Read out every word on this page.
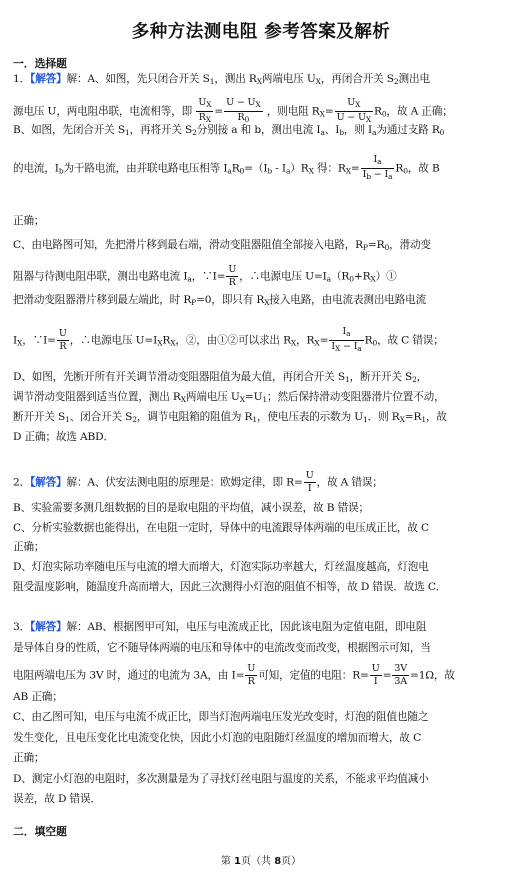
多种方法测电阻 参考答案及解析
一．选择题
1．【解答】解：A、如图，先只闭合开关 $S_1$，测出 $R_X$两端电压 $U_X$，再闭合开关 $S_2$测出电
源电压 U，两电阻串联，电流相等，即 $\frac{U_X}{R_X} = \frac{U - U_X}{R_0}$ ，则电阻 $R_X= \frac{U_X}{U - U_X} R_0$，故 A 正确；
B、如图，先闭合开关 $S_1$，再将开关 $S_2$分别接 a 和 b，测出电流 $I_a$、$I_b$，则 $I_a$为通过支路 $R_0$
的电流，$I_b$为干路电流，由并联电路电压相等 $I_aR_0=(I_b - I_a)R_X$ 得：$R_X= \frac{I_a}{I_b - I_a} R_0$，故 B
正确；
C、由电路图可知，先把滑片移到最右端，滑动变阻器阻值全部接入电路，$R_P=R_0$，滑动变
阻器与待测电阻串联，测出电路电流 $I_a$，∵I= $\frac{U}{R}$ ，∴电源电压 $U=I_a(R_0+R_X)①$
把滑动变阻器滑片移到最左端此，时 $R_P=0$，即只有 $R_X$接入电路，由电流表测出电路电流
$I_X$，∵I= $\frac{U}{R}$ ，∴电源电压 $U=I_XR_X$，②，由①②可以求出 $R_X$，$R_X= \frac{I_a}{I_X - I_a} R_0$，故 C 错误；
D、如图，先断开所有开关调节滑动变阻器阻值为最大值，再闭合开关 $S_1$，断开开关 $S_2$，
调节滑动变阻器到适当位置，测出 $R_X$两端电压 $U_X=U_1$；然后保持滑动变阻器滑片位置不动，
断开开关 $S_1$、闭合开关 $S_2$，调节电阻箱的阻值为 $R_1$，使电压表的示数为 $U_1$．则 $R_X=R_1$，故
D 正确；故选 ABD．
2．【解答】解：A、伏安法测电阻的原理是：欧姆定律，即 $R= \frac{U}{I}$ ，故 A 错误；
B、实验需要多测几组数据的目的是取电阻的平均值，减小误差，故 B 错误；
C、分析实验数据也能得出，在电阻一定时，导体中的电流跟导体两端的电压成正比，故 C
正确；
D、灯泡实际功率随电压与电流的增大而增大，灯泡实际功率越大，灯丝温度越高，灯泡电
阻受温度影响，随温度升高而增大，因此三次测得小灯泡的阻值不相等，故 D 错误．故选 C．
3．【解答】解：AB、根据图甲可知，电压与电流成正比，因此该电阻为定值电阻，即电阻
是导体自身的性质，它不随导体两端的电压和导体中的电流改变而改变，根据图示可知，当
电阻两端电压为 3V 时，通过的电流为 3A，由 $I= \frac{U}{R}$ 可知，定值的电阻：$R= \frac{U}{I} = \frac{3V}{3A} =1\Omega$，故
AB 正确；
C、由乙图可知，电压与电流不成正比，即当灯泡两端电压发光改变时，灯泡的阻值也随之
发生变化，且电压变化比电流变化快，因此小灯泡的电阻随灯丝温度的增加而增大，故 C
正确；
D、测定小灯泡的电阻时，多次测量是为了寻找灯丝电阻与温度的关系，不能求平均值减小
误差，故 D 错误．
二．填空题
第 1页（共 8页）
